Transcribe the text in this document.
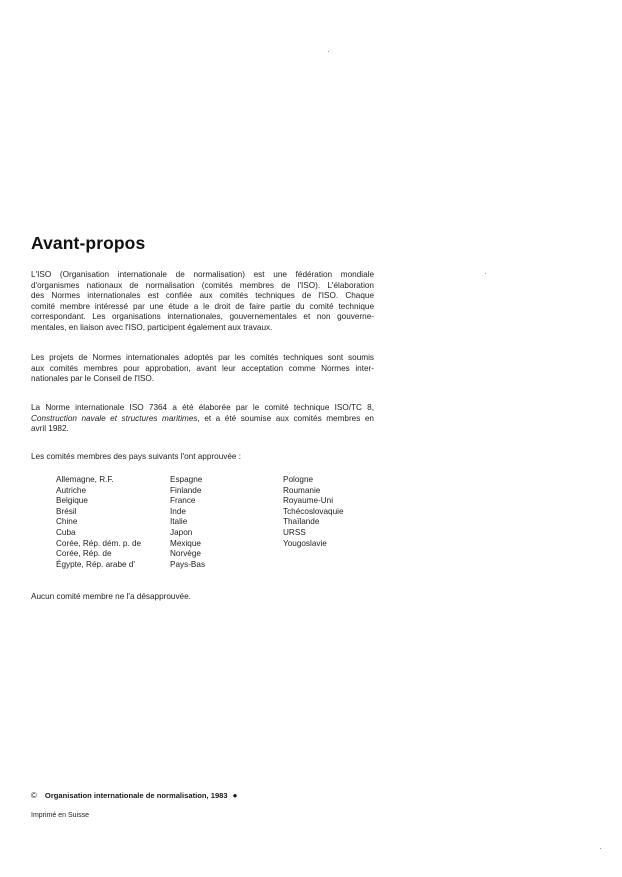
Avant-propos

L'ISO (Organisation internationale de normalisation) est une fédération mondiale
d'organismes nationaux de normalisation (comités membres de l'ISO). L'élaboration
des Normes internationales est confiée aux comités techniques de l'ISO. Chaque
comité membre intéressé par une étude a le droit de faire partie du comité technique
correspondant. Les organisations internationales, gouvernementales et non gouverne-
mentales, en liaison avec l'ISO, participent également aux travaux.

Les projets de Normes internationales adoptés par les comités techniques sont soumis
aux comités membres pour approbation, avant leur acceptation comme Normes inter-
nationales par le Conseil de l'ISO.

La Norme internationale ISO 7364 a été élaborée par le comité technique ISO/TC 8,
Construction navale et structures maritimes, et a été soumise aux comités membres en
avril 1982.

Les comités membres des pays suivants l'ont approuvée :

Allemagne, R.F.
Autriche
Belgique
Brésil
Chine
Cuba
Corée, Rép. dém. p. de
Corée, Rép. de
Égypte, Rép. arabe d'
Espagne
Finlande
France
Inde
Italie
Japon
Mexique
Norvège
Pays-Bas
Pologne
Roumanie
Royaume-Uni
Tchécoslovaquie
Thaïlande
URSS
Yougoslavie

Aucun comité membre ne l'a désapprouvée.

© Organisation internationale de normalisation, 1983 ●
Imprimé en Suisse
